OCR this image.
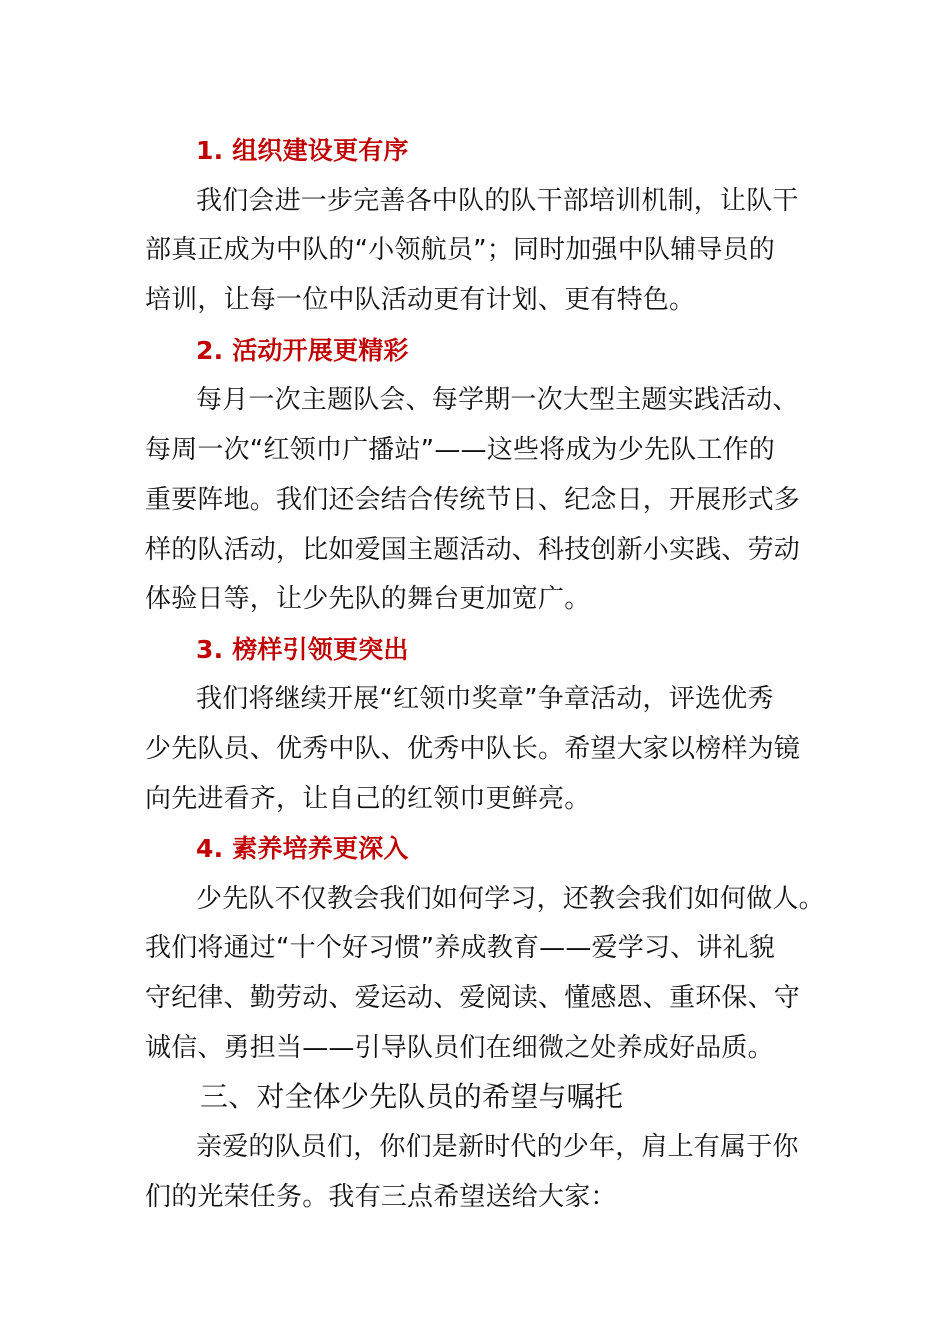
1. 组织建设更有序
我们会进一步完善各中队的队干部培训机制，让队干
部真正成为中队的“小领航员”；同时加强中队辅导员的
培训，让每一位中队活动更有计划、更有特色。
2. 活动开展更精彩
每月一次主题队会、每学期一次大型主题实践活动、
每周一次“红领巾广播站”——这些将成为少先队工作的
重要阵地。我们还会结合传统节日、纪念日，开展形式多
样的队活动，比如爱国主题活动、科技创新小实践、劳动
体验日等，让少先队的舞台更加宽广。
3. 榜样引领更突出
我们将继续开展“红领巾奖章”争章活动，评选优秀
少先队员、优秀中队、优秀中队长。希望大家以榜样为镜
向先进看齐，让自己的红领巾更鲜亮。
4. 素养培养更深入
少先队不仅教会我们如何学习，还教会我们如何做人。
我们将通过“十个好习惯”养成教育——爱学习、讲礼貌
守纪律、勤劳动、爱运动、爱阅读、懂感恩、重环保、守
诚信、勇担当——引导队员们在细微之处养成好品质。
三、对全体少先队员的希望与嘱托
亲爱的队员们，你们是新时代的少年，肩上有属于你
们的光荣任务。我有三点希望送给大家：
